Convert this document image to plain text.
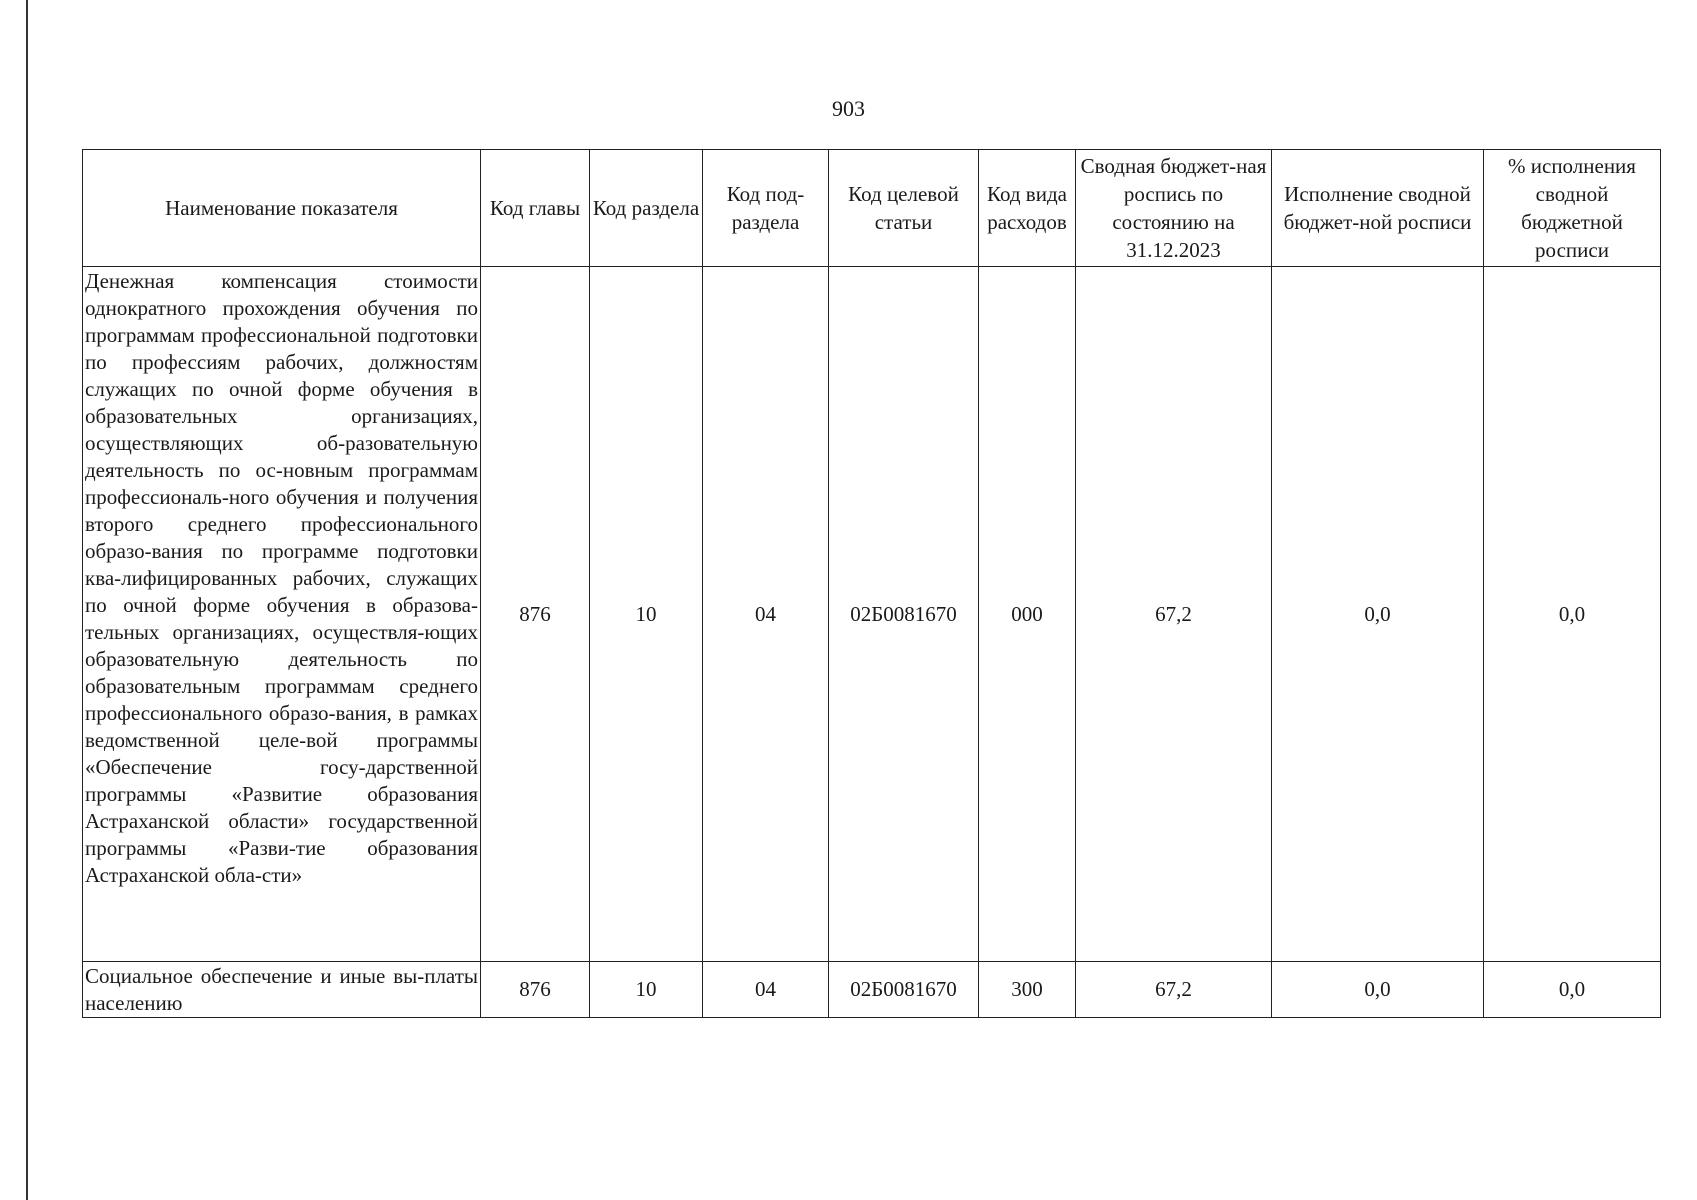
903
Наименование показателя	Код главы	Код раздела	Код под-раздела	Код целевой статьи	Код вида расходов	Сводная бюджет-ная роспись по состоянию на 31.12.2023	Исполнение сводной бюджет-ной росписи	% исполнения сводной бюджетной росписи
Денежная компенсация стоимости однократного прохождения обучения по программам профессиональной подготовки по профессиям рабочих, должностям служащих по очной форме обучения в образовательных организациях, осуществляющих об-разовательную деятельность по ос-новным программам профессиональ-ного обучения и получения второго среднего профессионального образо-вания по программе подготовки ква-лифицированных рабочих, служащих по очной форме обучения в образова-тельных организациях, осуществля-ющих образовательную деятельность по образовательным программам среднего профессионального образо-вания, в рамках ведомственной целе-вой программы «Обеспечение госу-дарственной программы «Развитие образования Астраханской области» государственной программы «Разви-тие образования Астраханской обла-сти»	876	10	04	02Б0081670	000	67,2	0,0	0,0
Социальное обеспечение и иные вы-платы населению	876	10	04	02Б0081670	300	67,2	0,0	0,0
